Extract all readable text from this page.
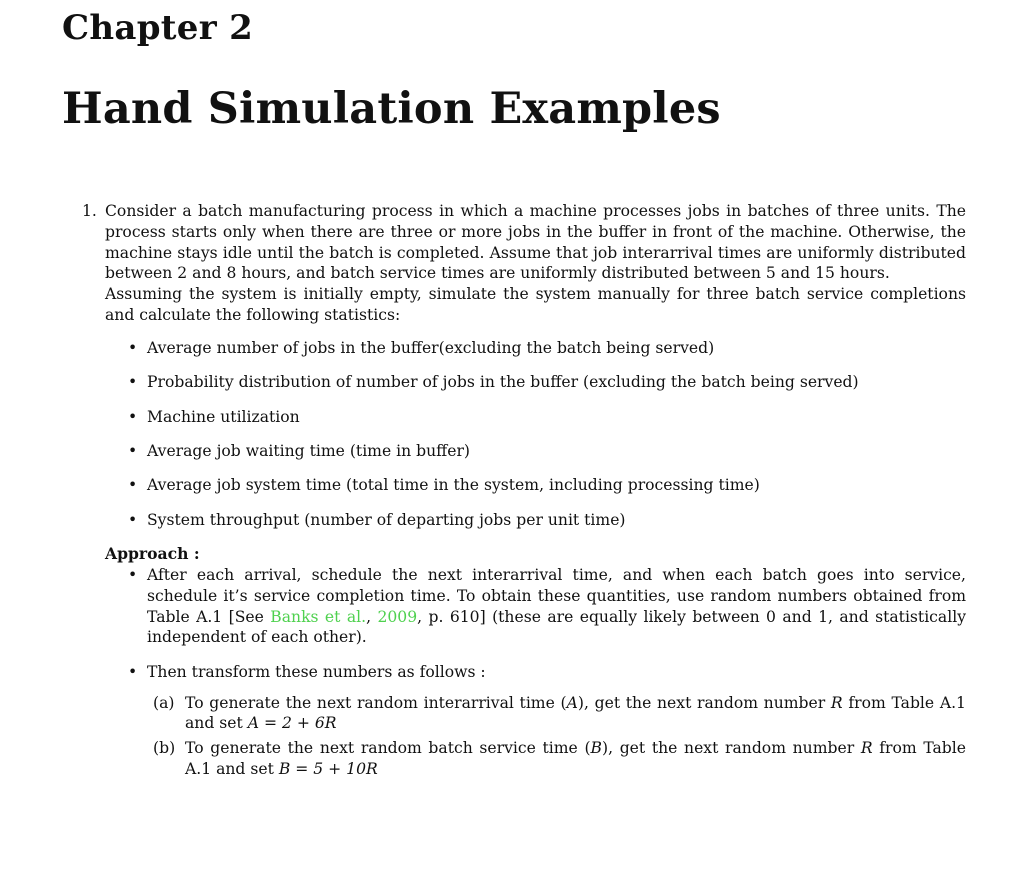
Chapter 2
Hand Simulation Examples
1. Consider a batch manufacturing process in which a machine processes jobs in batches of three units. The process starts only when there are three or more jobs in the buffer in front of the machine. Otherwise, the machine stays idle until the batch is completed. Assume that job interarrival times are uniformly distributed between 2 and 8 hours, and batch service times are uniformly distributed between 5 and 15 hours.

Assuming the system is initially empty, simulate the system manually for three batch service completions and calculate the following statistics:

• Average number of jobs in the buffer(excluding the batch being served)
• Probability distribution of number of jobs in the buffer (excluding the batch being served)
• Machine utilization
• Average job waiting time (time in buffer)
• Average job system time (total time in the system, including processing time)
• System throughput (number of departing jobs per unit time)

Approach :

• After each arrival, schedule the next interarrival time, and when each batch goes into service, schedule it’s service completion time. To obtain these quantities, use random numbers obtained from Table A.1 [See Banks et al., 2009, p. 610] (these are equally likely between 0 and 1, and statistically independent of each other).
• Then transform these numbers as follows :
(a) To generate the next random interarrival time (A), get the next random number R from Table A.1 and set A = 2 + 6R
(b) To generate the next random batch service time (B), get the next random number R from Table A.1 and set B = 5 + 10R
